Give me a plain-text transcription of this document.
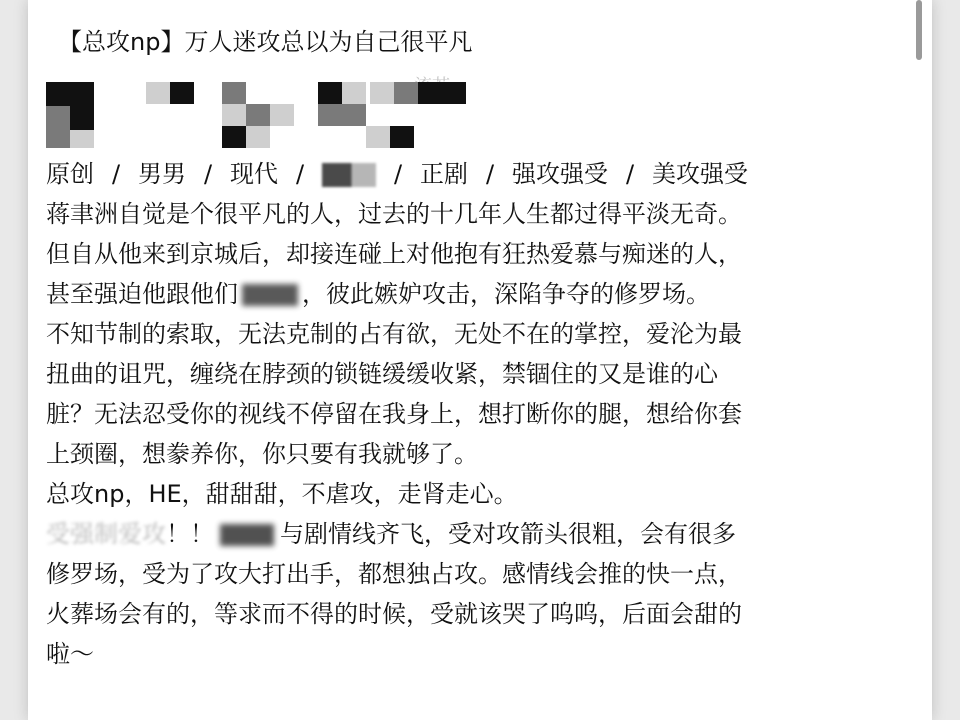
【总攻np】万人迷攻总以为自己很平凡
原创 / 男男 / 现代 /	/ 正剧 / 强攻强受 / 美攻强受
蒋聿洲自觉是个很平凡的人，过去的十几年人生都过得平淡无奇。
但自从他来到京城后，却接连碰上对他抱有狂热爱慕与痴迷的人，
甚至强迫他跟他们	，彼此嫉妒攻击，深陷争夺的修罗场。
不知节制的索取，无法克制的占有欲，无处不在的掌控，爱沦为最
扭曲的诅咒，缠绕在脖颈的锁链缓缓收紧，禁锢住的又是谁的心
脏？无法忍受你的视线不停留在我身上，想打断你的腿，想给你套
上颈圈，想豢养你，你只要有我就够了。
总攻np，HE，甜甜甜，不虐攻，走肾走心。
受强制爱攻！！	与剧情线齐飞，受对攻箭头很粗，会有很多
修罗场，受为了攻大打出手，都想独占攻。感情线会推的快一点，
火葬场会有的，等求而不得的时候，受就该哭了呜呜，后面会甜的
啦～
